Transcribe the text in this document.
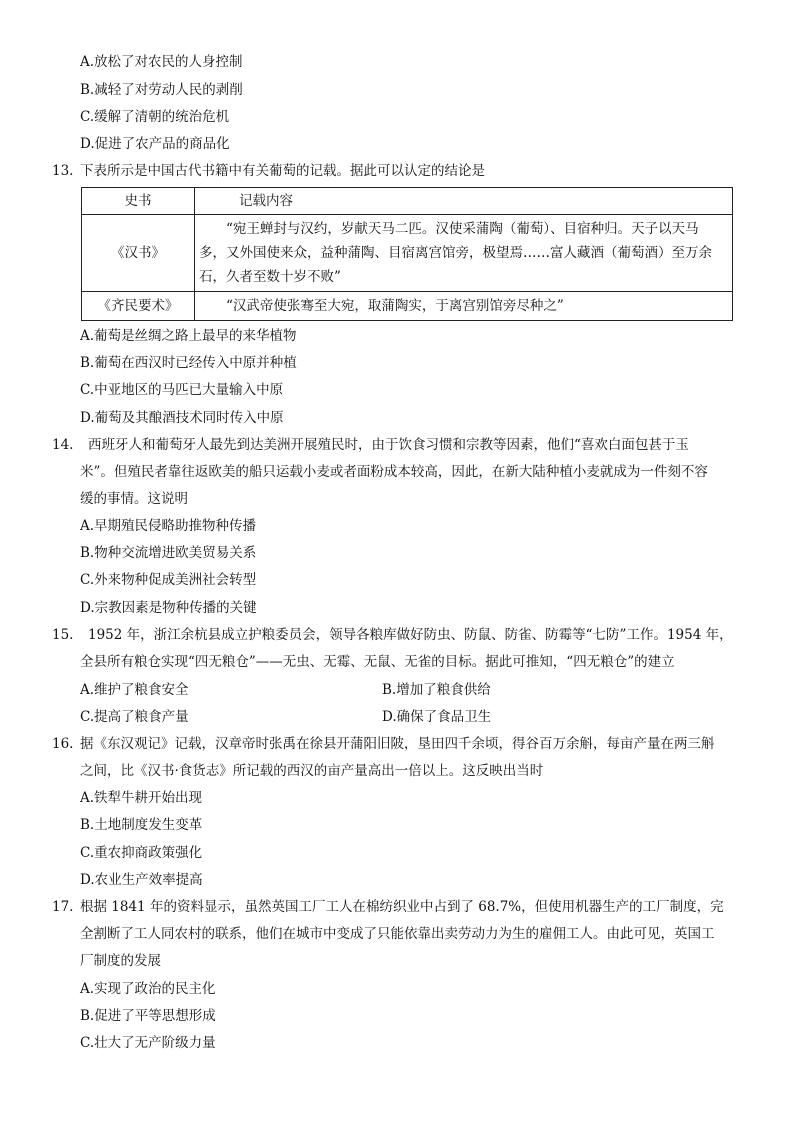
A.放松了对农民的人身控制
B.减轻了对劳动人民的剥削
C.缓解了清朝的统治危机
D.促进了农产品的商品化
13. 下表所示是中国古代书籍中有关葡萄的记载。据此可以认定的结论是
史书	记载内容
《汉书》	“宛王蝉封与汉约，岁献天马二匹。汉使采蒲陶（葡萄）、目宿种归。天子以天马
多，又外国使来众，益种蒲陶、目宿离宫馆旁，极望焉……富人藏酒（葡萄酒）至万余
石，久者至数十岁不败”

《齐民要术》	“汉武帝使张骞至大宛，取蒲陶实，于离宫别馆旁尽种之”
A.葡萄是丝绸之路上最早的来华植物
B.葡萄在西汉时已经传入中原并种植
C.中亚地区的马匹已大量输入中原
D.葡萄及其酿酒技术同时传入中原
14. 西班牙人和葡萄牙人最先到达美洲开展殖民时，由于饮食习惯和宗教等因素，他们“喜欢白面包甚于玉
米”。但殖民者靠往返欧美的船只运载小麦或者面粉成本较高，因此，在新大陆种植小麦就成为一件刻不容
缓的事情。这说明
A.早期殖民侵略助推物种传播
B.物种交流增进欧美贸易关系
C.外来物种促成美洲社会转型
D.宗教因素是物种传播的关键
15. 1952 年，浙江余杭县成立护粮委员会，领导各粮库做好防虫、防鼠、防雀、防霉等“七防”工作。1954 年，
全县所有粮仓实现“四无粮仓”——无虫、无霉、无鼠、无雀的目标。据此可推知，“四无粮仓”的建立
A.维护了粮食安全	B.增加了粮食供给
C.提高了粮食产量	D.确保了食品卫生
16. 据《东汉观记》记载，汉章帝时张禹在徐县开蒲阳旧陂，垦田四千余顷，得谷百万余斛，每亩产量在两三斛
之间，比《汉书·食货志》所记载的西汉的亩产量高出一倍以上。这反映出当时
A.铁犁牛耕开始出现
B.土地制度发生变革
C.重农抑商政策强化
D.农业生产效率提高
17. 根据 1841 年的资料显示，虽然英国工厂工人在棉纺织业中占到了 68.7%，但使用机器生产的工厂制度，完
全割断了工人同农村的联系，他们在城市中变成了只能依靠出卖劳动力为生的雇佣工人。由此可见，英国工
厂制度的发展
A.实现了政治的民主化
B.促进了平等思想形成
C.壮大了无产阶级力量
